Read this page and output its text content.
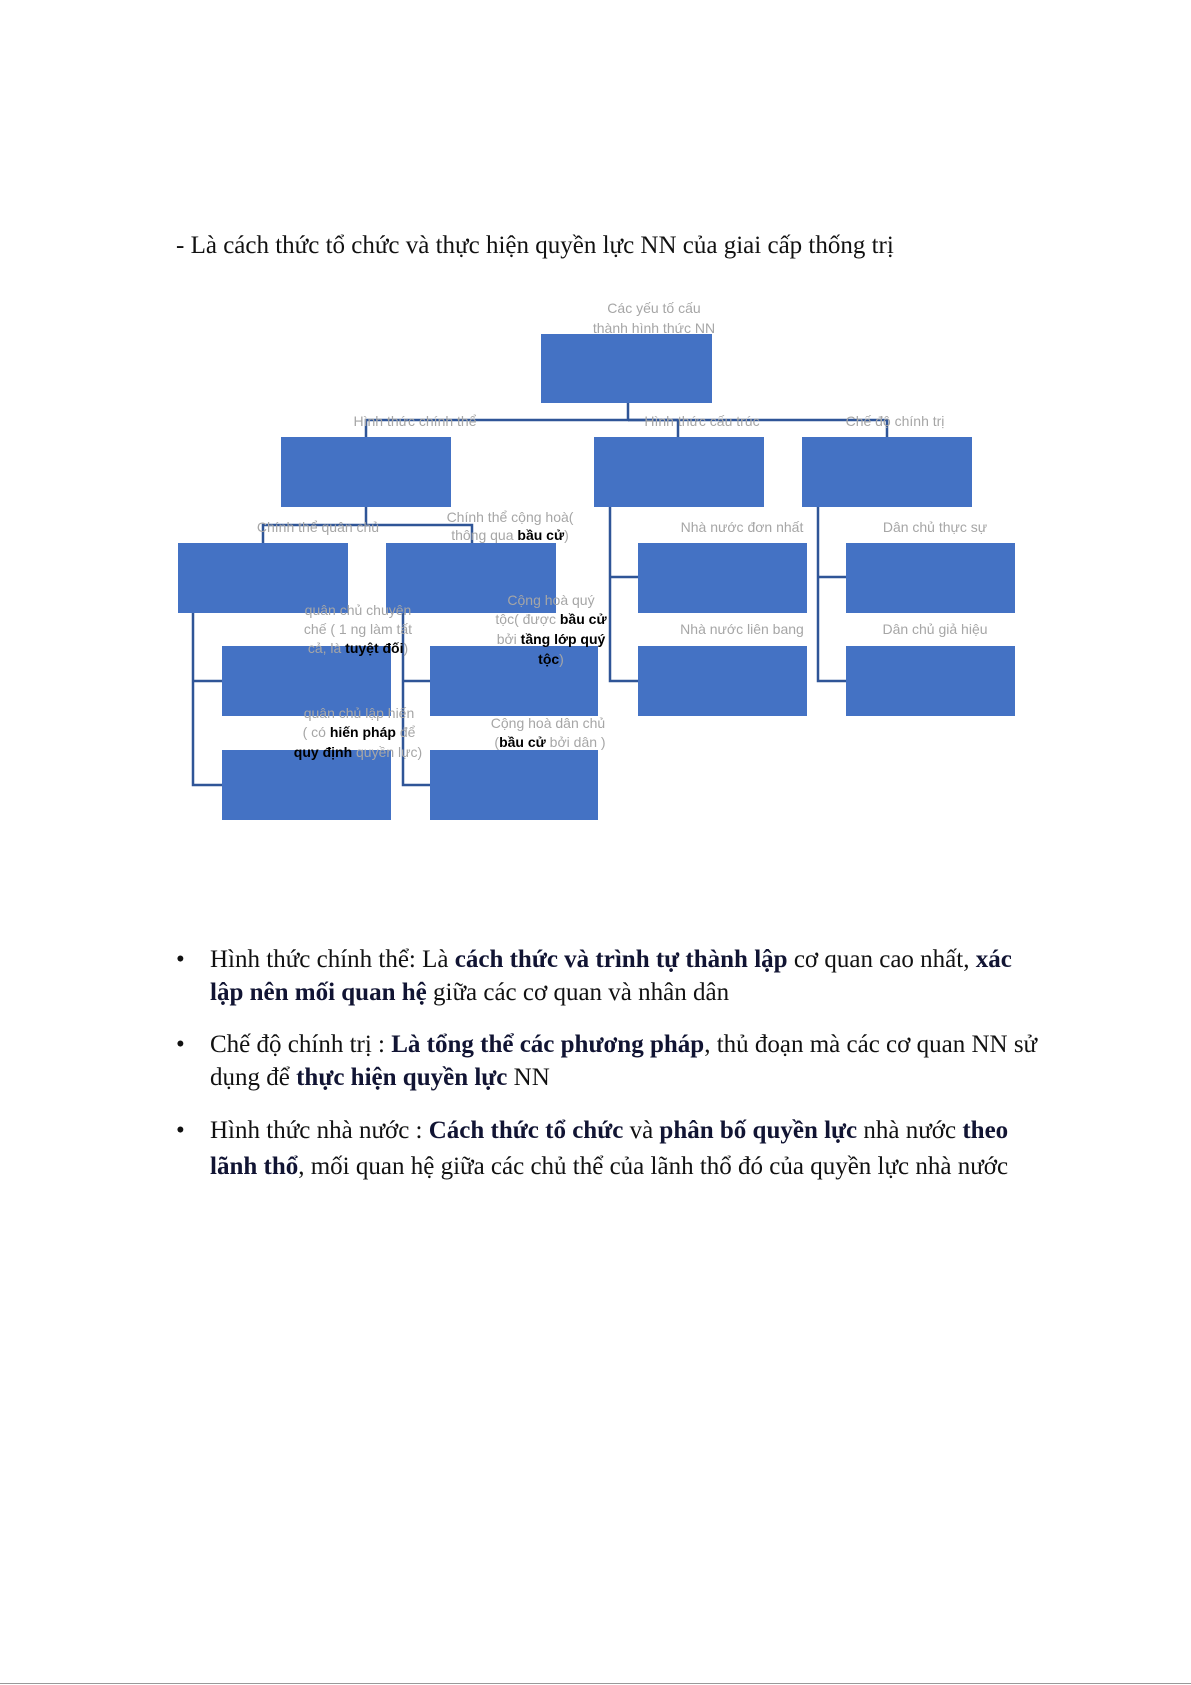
- Là cách thức tổ chức và thực hiện quyền lực NN của giai cấp thống trị
Các yếu tố cấu
thành hình thức NN
Hình thức chính thể	Hình thức cấu trúc	Chế độ chính trị
Chính thể quân chủ
Chính thể cộng hoà(
thông qua bầu cử)	Nhà nước đơn nhất	Dân chủ thực sự
Nhà nước liên bang	Dân chủ giả hiệu
quân chủ chuyên
chế ( 1 ng làm tất
cả, là tuyệt đối)
quân chủ lập hiến
( có hiến pháp để
quy định quyền lực)
Cộng hoà quý
tộc( được bầu cử
bởi tầng lớp quý
tộc)
Cộng hoà dân chủ
(bầu cử bởi dân )
• Hình thức chính thể: Là cách thức và trình tự thành lập cơ quan cao nhất, xác lập nên mối quan hệ giữa các cơ quan và nhân dân
• Chế độ chính trị : Là tổng thể các phương pháp, thủ đoạn mà các cơ quan NN sử dụng để thực hiện quyền lực NN
• Hình thức nhà nước : Cách thức tổ chức và phân bố quyền lực nhà nước theo lãnh thổ, mối quan hệ giữa các chủ thể của lãnh thổ đó của quyền lực nhà nước
